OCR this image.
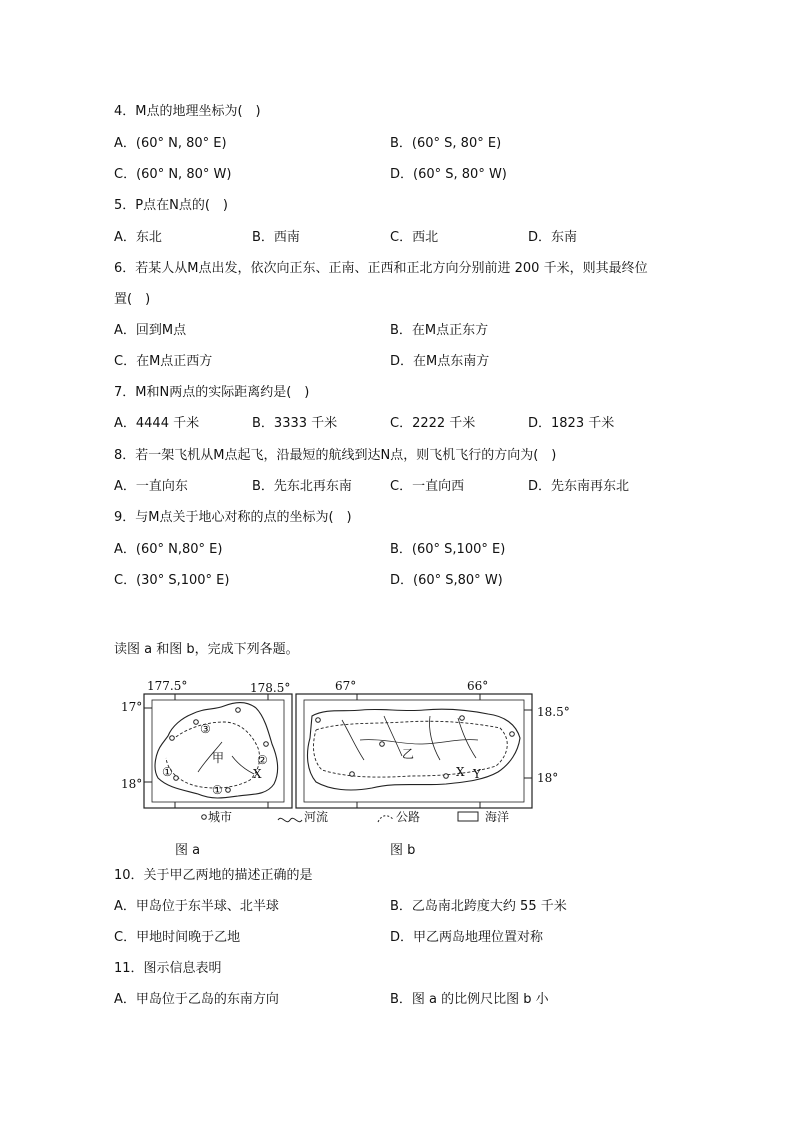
4．M点的地理坐标为(　)
A．(60° N, 80° E)	B．(60° S, 80° E)
C．(60° N, 80° W)	D．(60° S, 80° W)
5．P点在N点的(　)
A．东北	B．西南	C．西北	D．东南
6．若某人从M点出发，依次向正东、正南、正西和正北方向分别前进 200 千米，则其最终位
置(　)
A．回到M点	B．在M点正东方
C．在M点正西方	D．在M点东南方
7．M和N两点的实际距离约是(　)
A．4444 千米	B．3333 千米	C．2222 千米	D．1823 千米
8．若一架飞机从M点起飞，沿最短的航线到达N点，则飞机飞行的方向为(　)
A．一直向东	B．先东北再东南	C．一直向西	D．先东南再东北
9．与M点关于地心对称的点的坐标为(　)
A．(60° N,80° E)	B．(60° S,100° E)
C．(30° S,100° E)	D．(60° S,80° W)
读图 a 和图 b，完成下列各题。
177.5°	178.5°
17°
18°
甲
X
①
①
②
③
67°	66°
18.5°
18°
乙
X Y
城市	河流	公路	海洋
图 a	图 b
10．关于甲乙两地的描述正确的是
A．甲岛位于东半球、北半球	B．乙岛南北跨度大约 55 千米
C．甲地时间晚于乙地	D．甲乙两岛地理位置对称
11．图示信息表明
A．甲岛位于乙岛的东南方向	B．图 a 的比例尺比图 b 小
